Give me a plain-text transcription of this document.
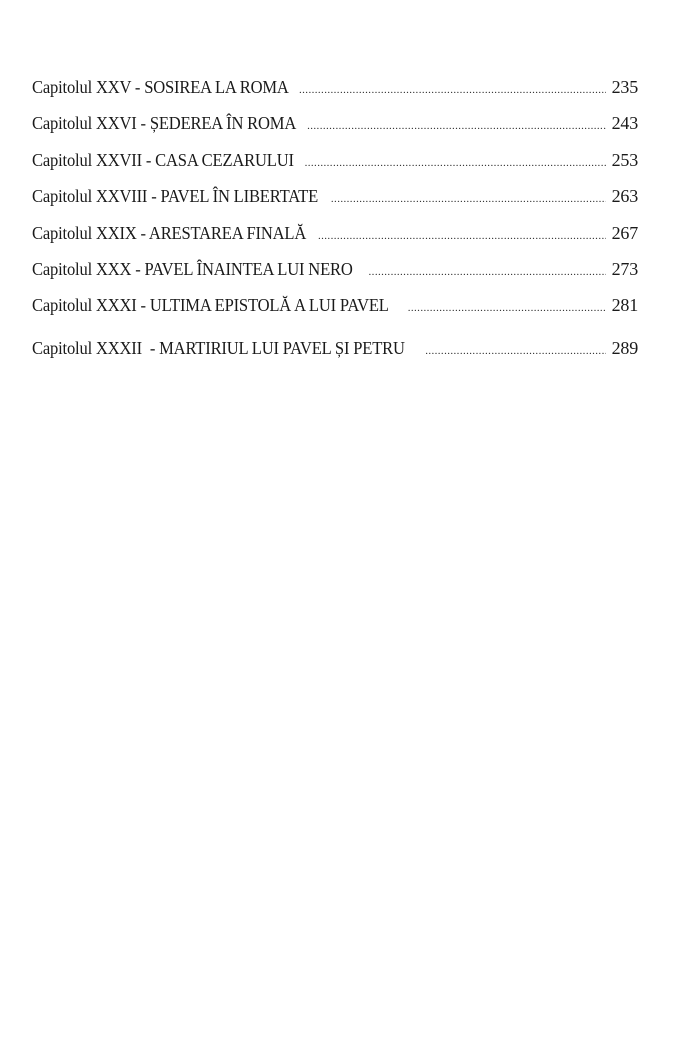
Capitolul XXV - SOSIREA LA ROMA .....	235
Capitolul XXVI - ȘEDEREA ÎN ROMA .....	243
Capitolul XXVII - CASA CEZARULUI .....	253
Capitolul XXVIII - PAVEL ÎN LIBERTATE .....	263
Capitolul XXIX - ARESTAREA FINALĂ .....	267
Capitolul XXX - PAVEL ÎNAINTEA LUI NERO .....	273
Capitolul XXXI - ULTIMA EPISTOLĂ A LUI PAVEL .....	281
Capitolul XXXII  - MARTIRIUL LUI PAVEL ȘI PETRU .....	289
